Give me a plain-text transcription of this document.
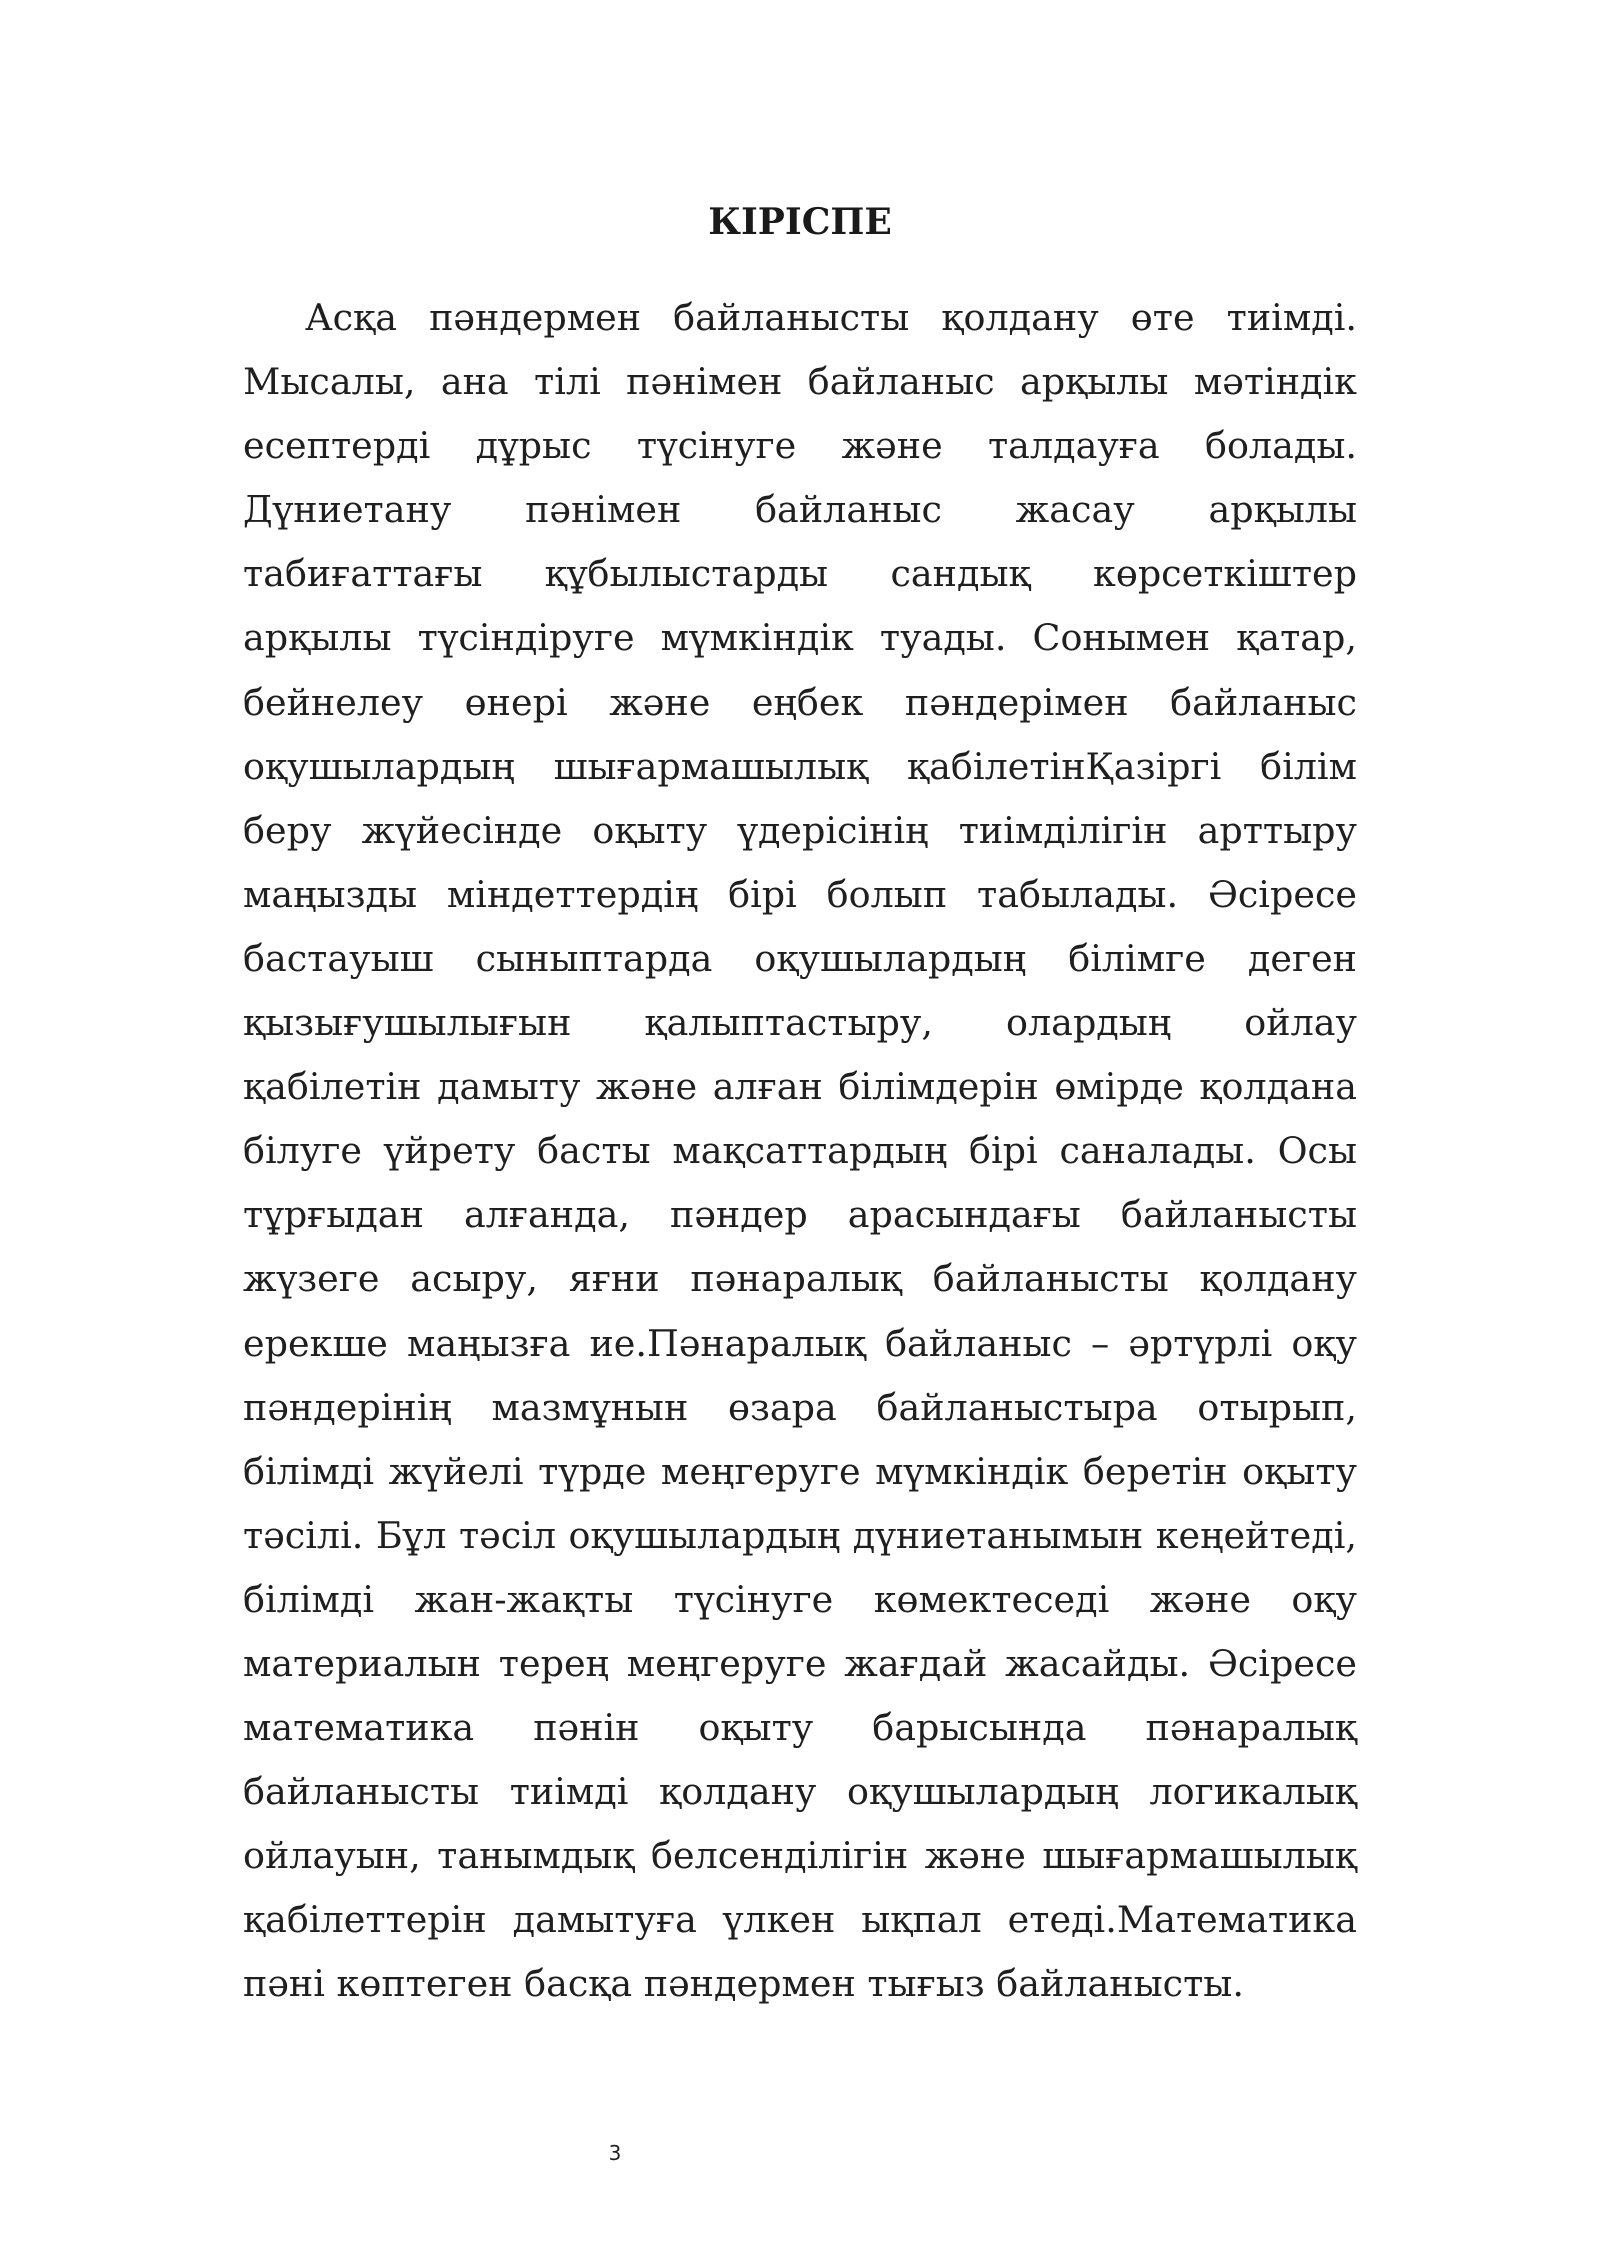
КІРІСПЕ

Асқа пәндермен байланысты қолдану өте тиімді. Мысалы, ана тілі пәнімен байланыс арқылы мәтіндік есептерді дұрыс түсінуге және талдауға болады. Дүниетану пәнімен байланыс жасау арқылы табиғаттағы құбылыстарды сандық көрсеткіштер арқылы түсіндіруге мүмкіндік туады. Сонымен қатар, бейнелеу өнері және еңбек пәндерімен байланыс оқушылардың шығармашылық қабілетінҚазіргі білім беру жүйесінде оқыту үдерісінің тиімділігін арттыру маңызды міндеттердің бірі болып табылады. Әсіресе бастауыш сыныптарда оқушылардың білімге деген қызығушылығын қалыптастыру, олардың ойлау қабілетін дамыту және алған білімдерін өмірде қолдана білуге үйрету басты мақсаттардың бірі саналады. Осы тұрғыдан алғанда, пәндер арасындағы байланысты жүзеге асыру, яғни пәнаралық байланысты қолдану ерекше маңызға ие.Пәнаралық байланыс – әртүрлі оқу пәндерінің мазмұнын өзара байланыстыра отырып, білімді жүйелі түрде меңгеруге мүмкіндік беретін оқыту тәсілі. Бұл тәсіл оқушылардың дүниетанымын кеңейтеді, білімді жан-жақты түсінуге көмектеседі және оқу материалын терең меңгеруге жағдай жасайды. Әсіресе математика пәнін оқыту барысында пәнаралық байланысты тиімді қолдану оқушылардың логикалық ойлауын, танымдық белсенділігін және шығармашылық қабілеттерін дамытуға үлкен ықпал етеді.Математика пәні көптеген басқа пәндермен тығыз байланысты.

3
